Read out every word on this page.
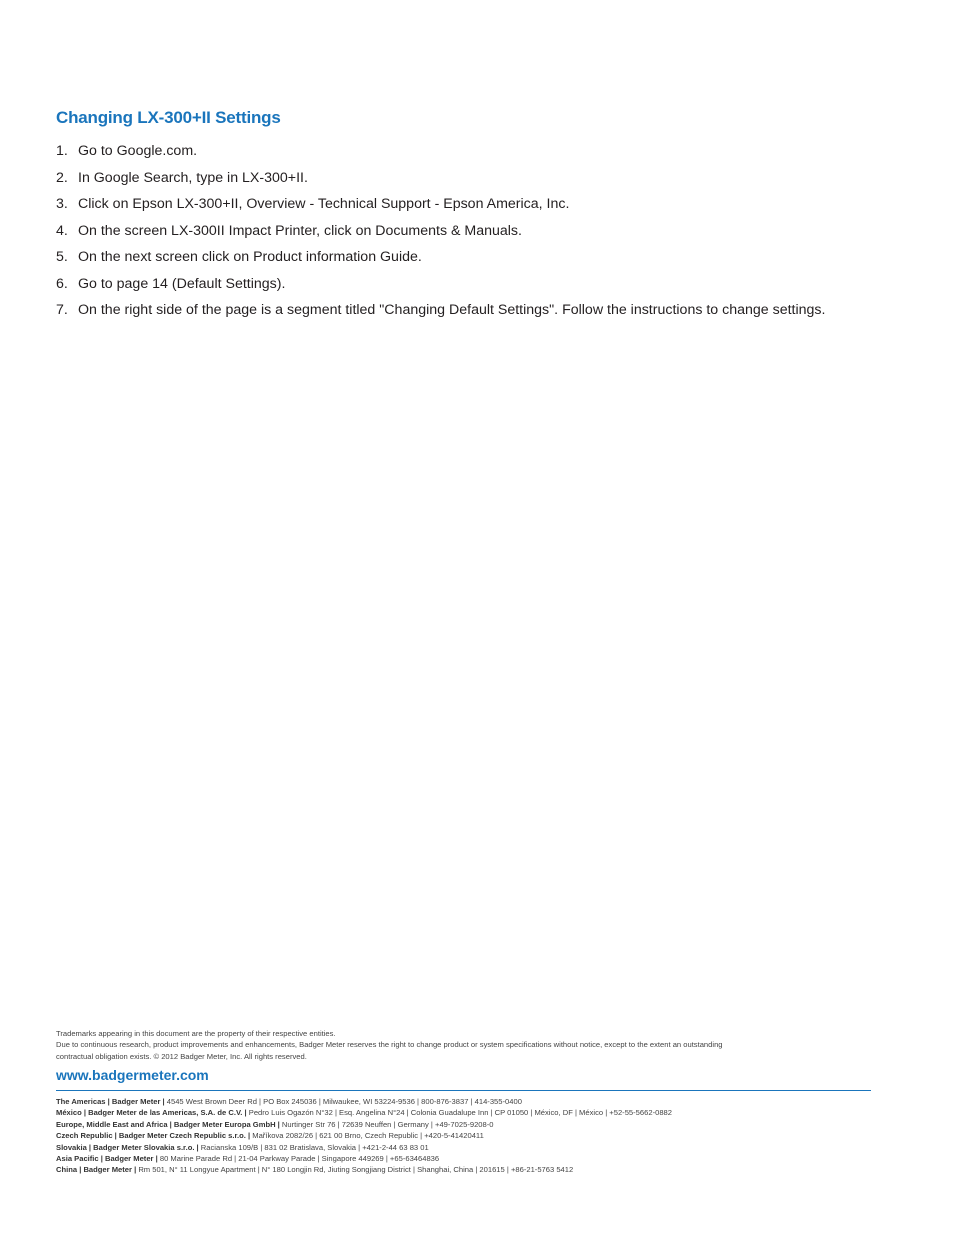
Changing LX-300+II Settings
1. Go to Google.com.
2. In Google Search, type in LX-300+II.
3. Click on Epson LX-300+II, Overview - Technical Support - Epson America, Inc.
4. On the screen LX-300II Impact Printer, click on Documents & Manuals.
5. On the next screen click on Product information Guide.
6. Go to page 14 (Default Settings).
7. On the right side of the page is a segment titled "Changing Default Settings". Follow the instructions to change settings.
Trademarks appearing in this document are the property of their respective entities.
Due to continuous research, product improvements and enhancements, Badger Meter reserves the right to change product or system specifications without notice, except to the extent an outstanding
contractual obligation exists. © 2012 Badger Meter, Inc. All rights reserved.
www.badgermeter.com
The Americas | Badger Meter | 4545 West Brown Deer Rd | PO Box 245036 | Milwaukee, WI 53224-9536 | 800-876-3837 | 414-355-0400
México | Badger Meter de las Americas, S.A. de C.V. | Pedro Luis Ogazón N°32 | Esq. Angelina N°24 | Colonia Guadalupe Inn | CP 01050 | México, DF | México | +52-55-5662-0882
Europe, Middle East and Africa | Badger Meter Europa GmbH | Nurtinger Str 76 | 72639 Neuffen | Germany | +49-7025-9208-0
Czech Republic | Badger Meter Czech Republic s.r.o. | Maříkova 2082/26 | 621 00 Brno, Czech Republic | +420-5-41420411
Slovakia | Badger Meter Slovakia s.r.o. | Racianska 109/B | 831 02 Bratislava, Slovakia | +421-2-44 63 83 01
Asia Pacific | Badger Meter | 80 Marine Parade Rd | 21-04 Parkway Parade | Singapore 449269 | +65-63464836
China | Badger Meter | Rm 501, N° 11 Longyue Apartment | N° 180 Longjin Rd, Jiuting Songjiang District | Shanghai, China | 201615 | +86-21-5763 5412
